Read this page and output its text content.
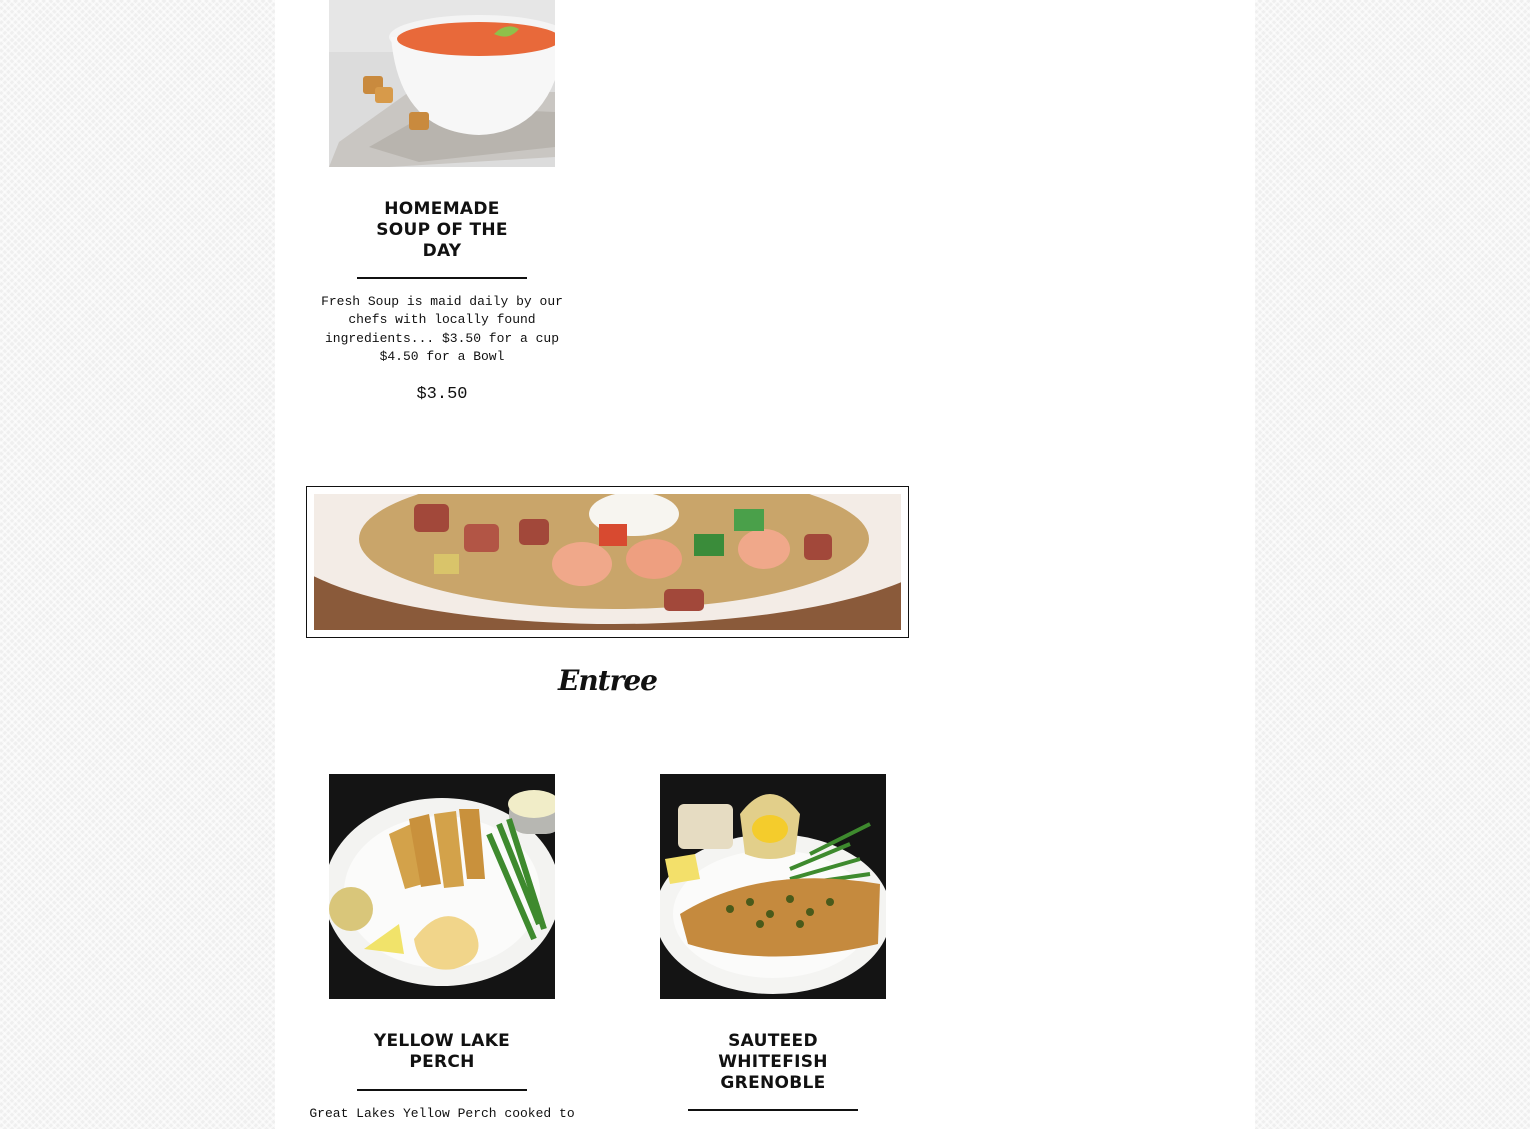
HOMEMADE SOUP OF THE DAY
Fresh Soup is maid daily by our chefs with locally found ingredients... $3.50 for a cup $4.50 for a Bowl
$3.50
Entree
YELLOW LAKE PERCH
Great Lakes Yellow Perch cooked to
SAUTEED WHITEFISH GRENOBLE
